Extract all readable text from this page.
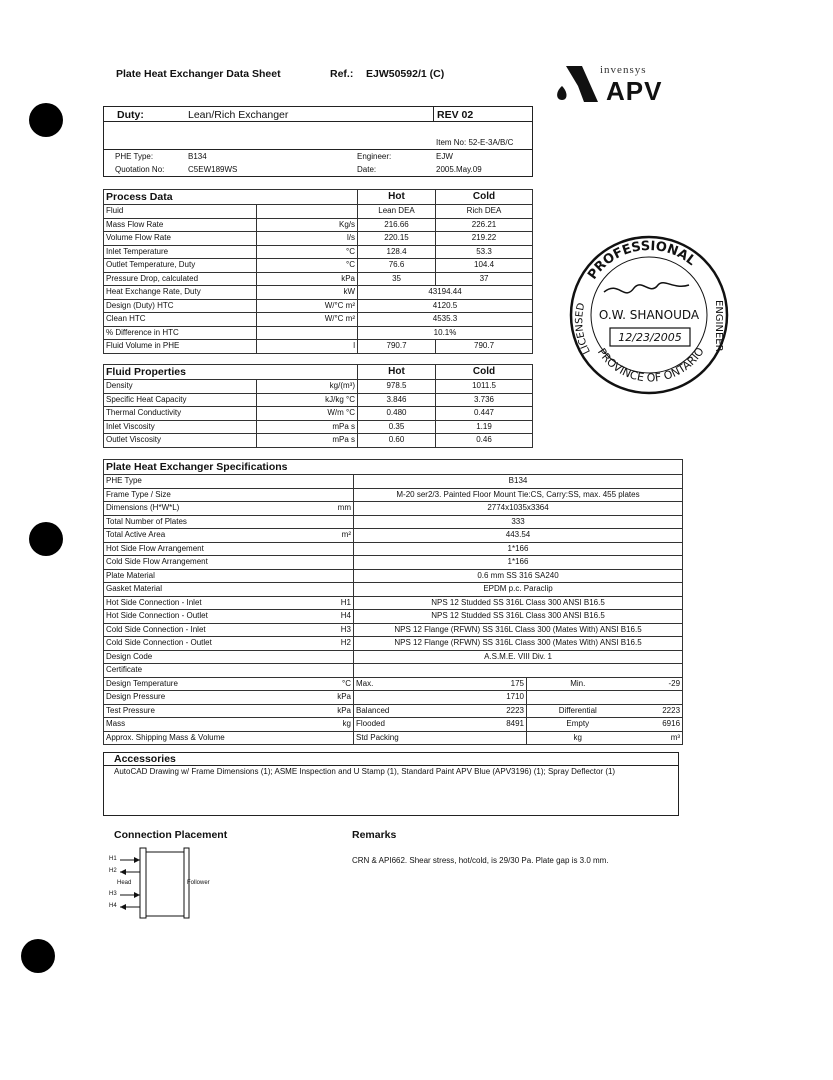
Plate Heat Exchanger Data Sheet	Ref.: EJW50592/1 (C)	invensys
APV
Duty:	Lean/Rich Exchanger	REV 02
Item No: 52-E-3A/B/C
PHE Type:	B134	Engineer:	EJW
Quotation No:	C5EW189WS	Date:	2005.May.09
Process Data		Hot	Cold
Fluid		Lean DEA	Rich DEA
Mass Flow Rate	Kg/s	216.66	226.21
Volume Flow Rate	l/s	220.15	219.22
Inlet Temperature	°C	128.4	53.3
Outlet Temperature, Duty	°C	76.6	104.4
Pressure Drop, calculated	kPa	35	37
Heat Exchange Rate, Duty	kW	43194.44	
Design (Duty) HTC	W/°C m²	4120.5	
Clean HTC	W/°C m²	4535.3	
% Difference in HTC		10.1%	
Fluid Volume in PHE	l	790.7	790.7
Fluid Properties		Hot	Cold
Density	kg/(m³)	978.5	1011.5
Specific Heat Capacity	kJ/kg °C	3.846	3.736
Thermal Conductivity	W/m °C	0.480	0.447
Inlet Viscosity	mPa s	0.35	1.19
Outlet Viscosity	mPa s	0.60	0.46
Plate Heat Exchanger Specifications					
PHE Type		B134			
Frame Type / Size		M-20 ser2/3. Painted Floor Mount Tie:CS, Carry:SS, max. 455 plates			
Dimensions (H*W*L)	mm	2774x1035x3364			
Total Number of Plates		333			
Total Active Area	m²	443.54			
Hot Side Flow Arrangement		1*166			
Cold Side Flow Arrangement		1*166			
Plate Material		0.6 mm SS 316 SA240			
Gasket Material		EPDM p.c. Paraclip			
Hot Side Connection - Inlet	H1	NPS 12 Studded SS 316L Class 300 ANSI B16.5			
Hot Side Connection - Outlet	H4	NPS 12 Studded SS 316L Class 300 ANSI B16.5			
Cold Side Connection - Inlet	H3	NPS 12 Flange (RFWN) SS 316L Class 300 (Mates With) ANSI B16.5			
Cold Side Connection - Outlet	H2	NPS 12 Flange (RFWN) SS 316L Class 300 (Mates With) ANSI B16.5			
Design Code		A.S.M.E. VIII Div. 1			
Certificate					
Design Temperature	°C	Max.	175	Min.	-29
Design Pressure	kPa		1710		
Test Pressure	kPa	Balanced	2223	Differential	2223
Mass	kg	Flooded	8491	Empty	6916
Approx. Shipping Mass & Volume		Std Packing		kg	m³
Accessories
AutoCAD Drawing w/ Frame Dimensions (1); ASME Inspection and U Stamp (1), Standard Paint APV Blue (APV3196) (1); Spray Deflector (1)
Connection Placement
H1
H2
Head
H3
H4
Follower
Remarks
CRN & API662. Shear stress, hot/cold, is 29/30 Pa. Plate gap is 3.0 mm.
PROFESSIONAL
PROVINCE OF ONTARIO
LICENSED	ENGINEER
O.W. SHANOUDA
12/23/2005
